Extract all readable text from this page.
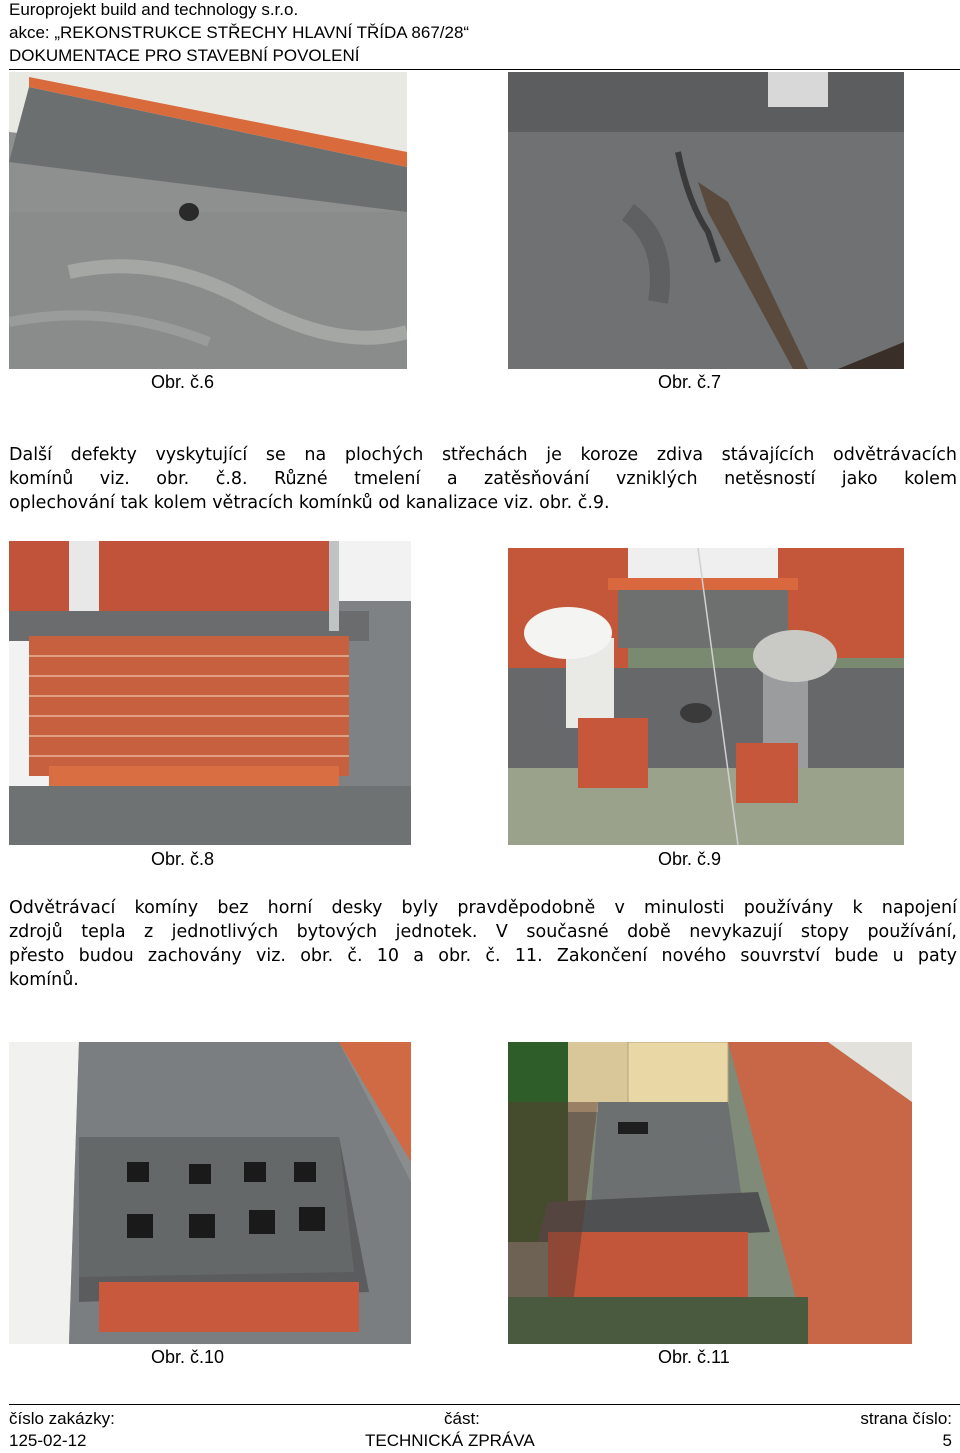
Europrojekt build and technology s.r.o.
akce: „REKONSTRUKCE STŘECHY HLAVNÍ TŘÍDA 867/28“
DOKUMENTACE PRO STAVEBNÍ POVOLENÍ
Obr. č.6	Obr. č.7
Další defekty vyskytující se na plochých střechách je koroze zdiva stávajících odvětrávacích
komínů viz. obr. č.8. Různé tmelení a zatěsňování vzniklých netěsností jako kolem
oplechování tak kolem větracích komínků od kanalizace viz. obr. č.9.
Obr. č.8	Obr. č.9
Odvětrávací komíny bez horní desky byly pravděpodobně v minulosti používány k napojení
zdrojů tepla z jednotlivých bytových jednotek. V současné době nevykazují stopy používání,
přesto budou zachovány viz. obr. č. 10 a obr. č. 11. Zakončení nového souvrství bude u paty
komínů.
Obr. č.10	Obr. č.11
číslo zakázky:
125-02-12
část:
TECHNICKÁ ZPRÁVA
strana číslo:
5
